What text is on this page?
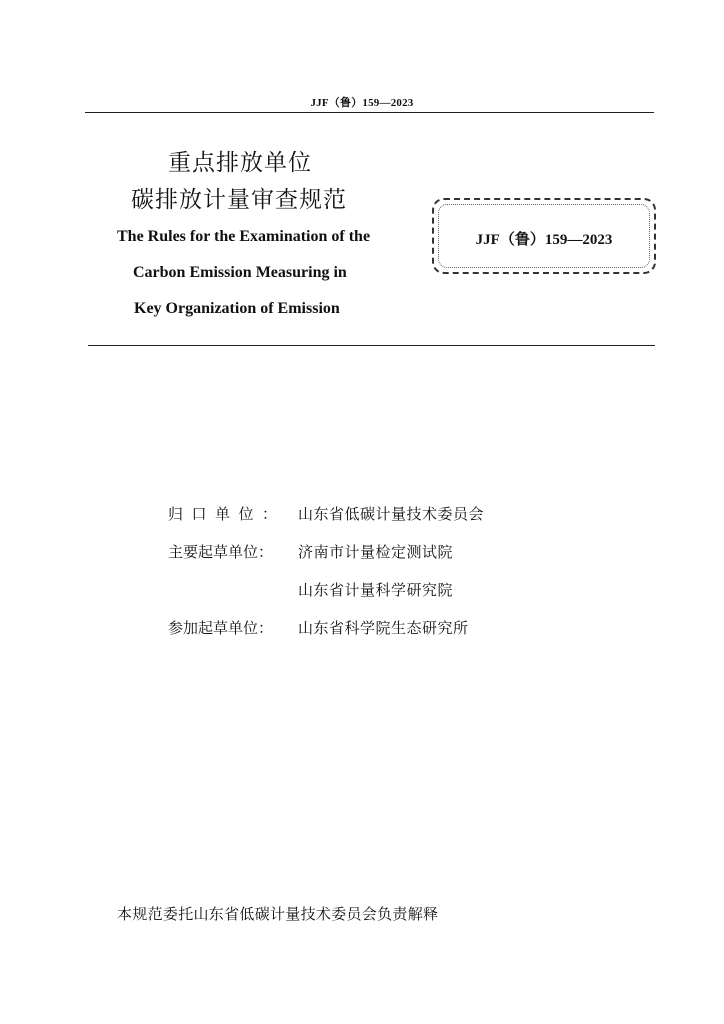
JJF（鲁）159—2023
重点排放单位
碳排放计量审查规范
The Rules for the Examination of the
Carbon Emission Measuring in
Key Organization of Emission
JJF（鲁）159—2023
归口单位： 山东省低碳计量技术委员会
主要起草单位： 济南市计量检定测试院
山东省计量科学研究院
参加起草单位： 山东省科学院生态研究所
本规范委托山东省低碳计量技术委员会负责解释
